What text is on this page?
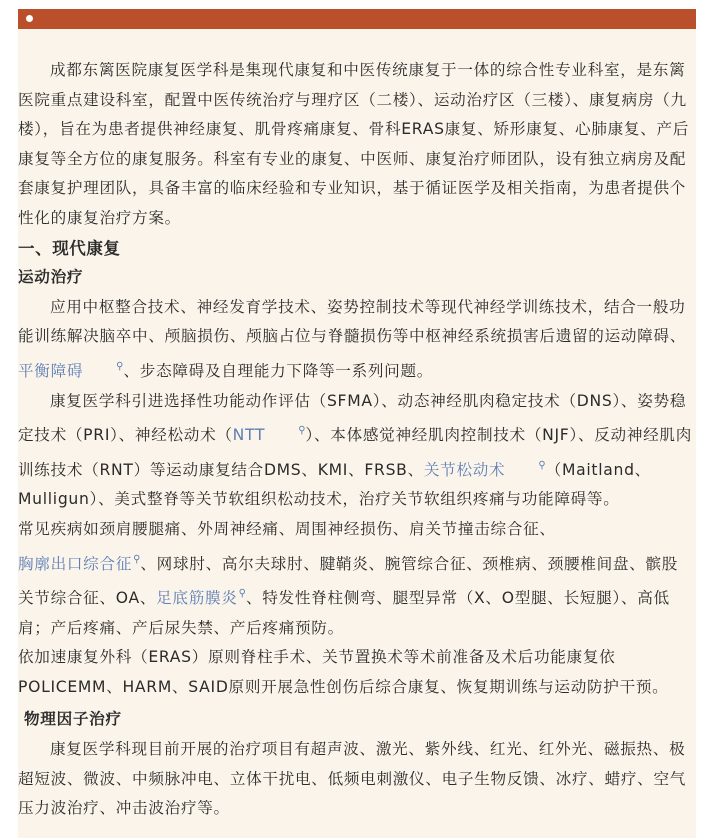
成都东篱医院康复医学科是集现代康复和中医传统康复于一体的综合性专业科室，是东篱医院重点建设科室，配置中医传统治疗与理疗区（二楼）、运动治疗区（三楼）、康复病房（九楼），旨在为患者提供神经康复、肌骨疼痛康复、骨科ERAS康复、矫形康复、心肺康复、产后康复等全方位的康复服务。科室有专业的康复、中医师、康复治疗师团队，设有独立病房及配套康复护理团队，具备丰富的临床经验和专业知识，基于循证医学及相关指南，为患者提供个性化的康复治疗方案。

一、现代康复

运动治疗

应用中枢整合技术、神经发育学技术、姿势控制技术等现代神经学训练技术，结合一般功能训练解决脑卒中、颅脑损伤、颅脑占位与脊髓损伤等中枢神经系统损害后遗留的运动障碍、平衡障碍	⚲、步态障碍及自理能力下降等一系列问题。

康复医学科引进选择性功能动作评估（SFMA）、动态神经肌肉稳定技术（DNS）、姿势稳定技术（PRI）、神经松动术（NTT	⚲）、本体感觉神经肌肉控制技术（NJF）、反动神经肌肉训练技术（RNT）等运动康复结合DMS、KMI、FRSB、关节松动术	⚲（Maitland、Mulligun）、美式整脊等关节软组织松动技术，治疗关节软组织疼痛与功能障碍等。

常见疾病如颈肩腰腿痛、外周神经痛、周围神经损伤、肩关节撞击综合征、胸廓出口综合征⚲、网球肘、高尔夫球肘、腱鞘炎、腕管综合征、颈椎病、颈腰椎间盘、髌股关节综合征、OA、足底筋膜炎⚲、特发性脊柱侧弯、腿型异常（X、O型腿、长短腿）、高低肩；产后疼痛、产后尿失禁、产后疼痛预防。

依加速康复外科（ERAS）原则脊柱手术、关节置换术等术前准备及术后功能康复依POLICEMM、HARM、SAID原则开展急性创伤后综合康复、恢复期训练与运动防护干预。

物理因子治疗

康复医学科现目前开展的治疗项目有超声波、激光、紫外线、红光、红外光、磁振热、极超短波、微波、中频脉冲电、立体干扰电、低频电刺激仪、电子生物反馈、冰疗、蜡疗、空气压力波治疗、冲击波治疗等。
